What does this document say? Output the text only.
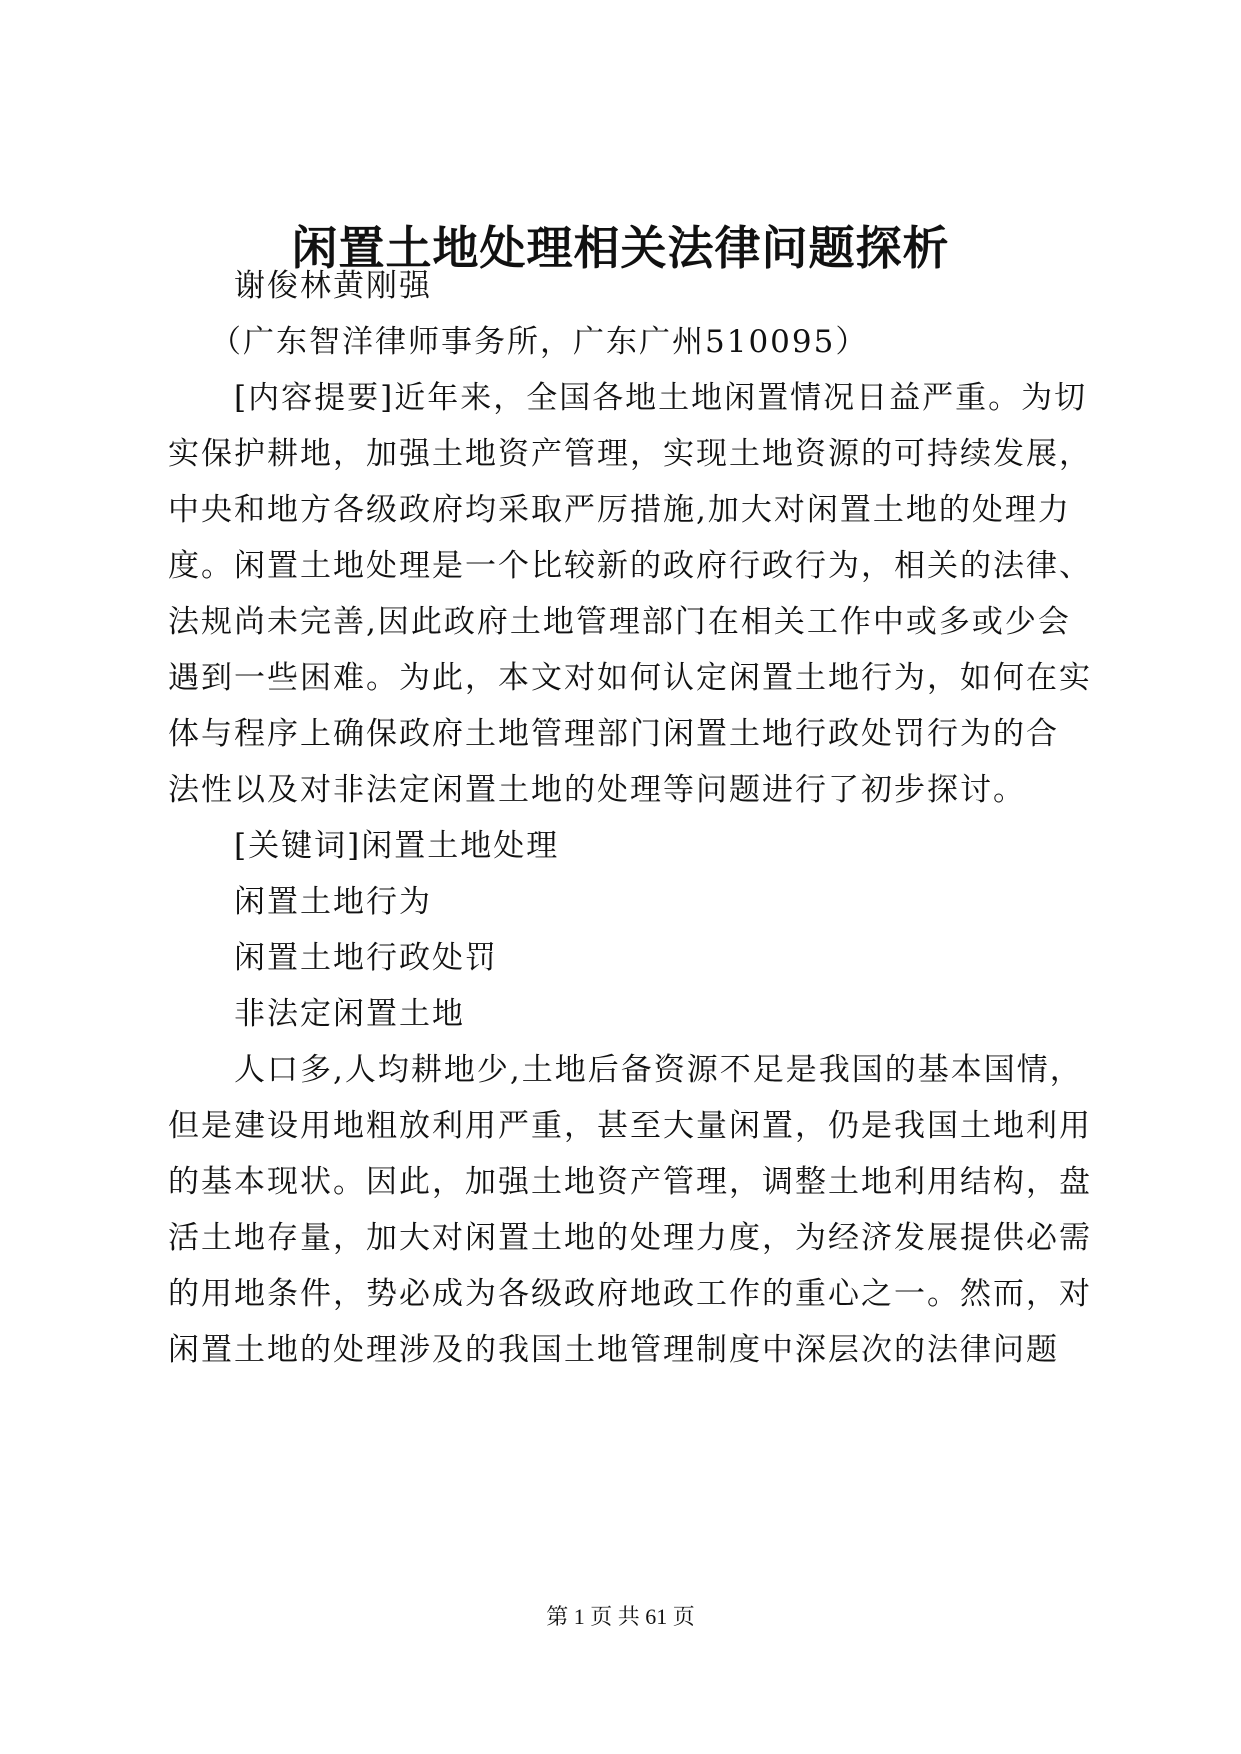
闲置土地处理相关法律问题探析
谢俊林黄刚强
（广东智洋律师事务所，广东广州510095）
[内容提要]近年来，全国各地土地闲置情况日益严重。为切
实保护耕地，加强土地资产管理，实现土地资源的可持续发展，
中央和地方各级政府均采取严厉措施,加大对闲置土地的处理力
度。闲置土地处理是一个比较新的政府行政行为，相关的法律、
法规尚未完善,因此政府土地管理部门在相关工作中或多或少会
遇到一些困难。为此，本文对如何认定闲置土地行为，如何在实
体与程序上确保政府土地管理部门闲置土地行政处罚行为的合
法性以及对非法定闲置土地的处理等问题进行了初步探讨。
[关键词]闲置土地处理
闲置土地行为
闲置土地行政处罚
非法定闲置土地
人口多,人均耕地少,土地后备资源不足是我国的基本国情，
但是建设用地粗放利用严重，甚至大量闲置，仍是我国土地利用
的基本现状。因此，加强土地资产管理，调整土地利用结构，盘
活土地存量，加大对闲置土地的处理力度，为经济发展提供必需
的用地条件，势必成为各级政府地政工作的重心之一。然而，对
闲置土地的处理涉及的我国土地管理制度中深层次的法律问题
第 1 页 共 61 页
